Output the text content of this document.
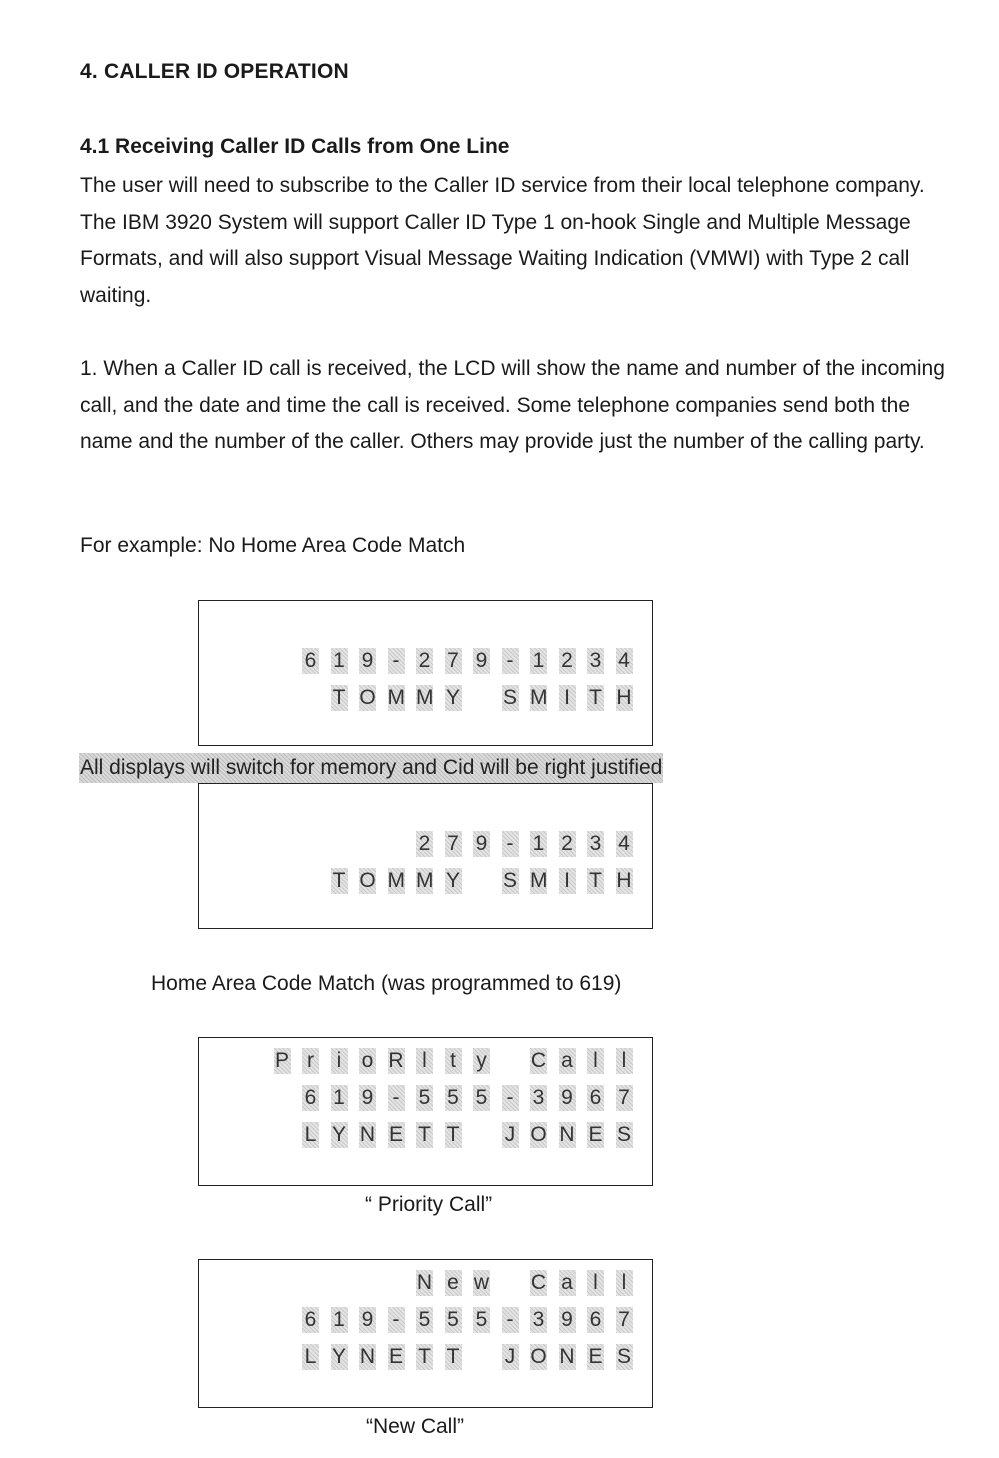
4. CALLER ID OPERATION
4.1 Receiving Caller ID Calls from One Line
The user will need to subscribe to the Caller ID service from their local telephone company. The IBM 3920 System will support Caller ID Type 1 on-hook Single and Multiple Message Formats, and will also support Visual Message Waiting Indication (VMWI) with Type 2 call waiting.
1. When a Caller ID call is received, the LCD will show the name and number of the incoming call, and the date and time the call is received. Some telephone companies send both the name and the number of the caller. Others may provide just the number of the calling party.
For example: No Home Area Code Match
6 1 9 - 2 7 9 - 1 2 3 4
T O M M Y S M I T H
All displays will switch for memory and Cid will be right justified
2 7 9 - 1 2 3 4
T O M M Y S M I T H
Home Area Code Match (was programmed to 619)
P r i o R l t y C a l l
6 1 9 - 5 5 5 - 3 9 6 7
L Y N E T T J O N E S
“ Priority Call”
N e w C a l l
6 1 9 - 5 5 5 - 3 9 6 7
L Y N E T T J O N E S
“New Call”
